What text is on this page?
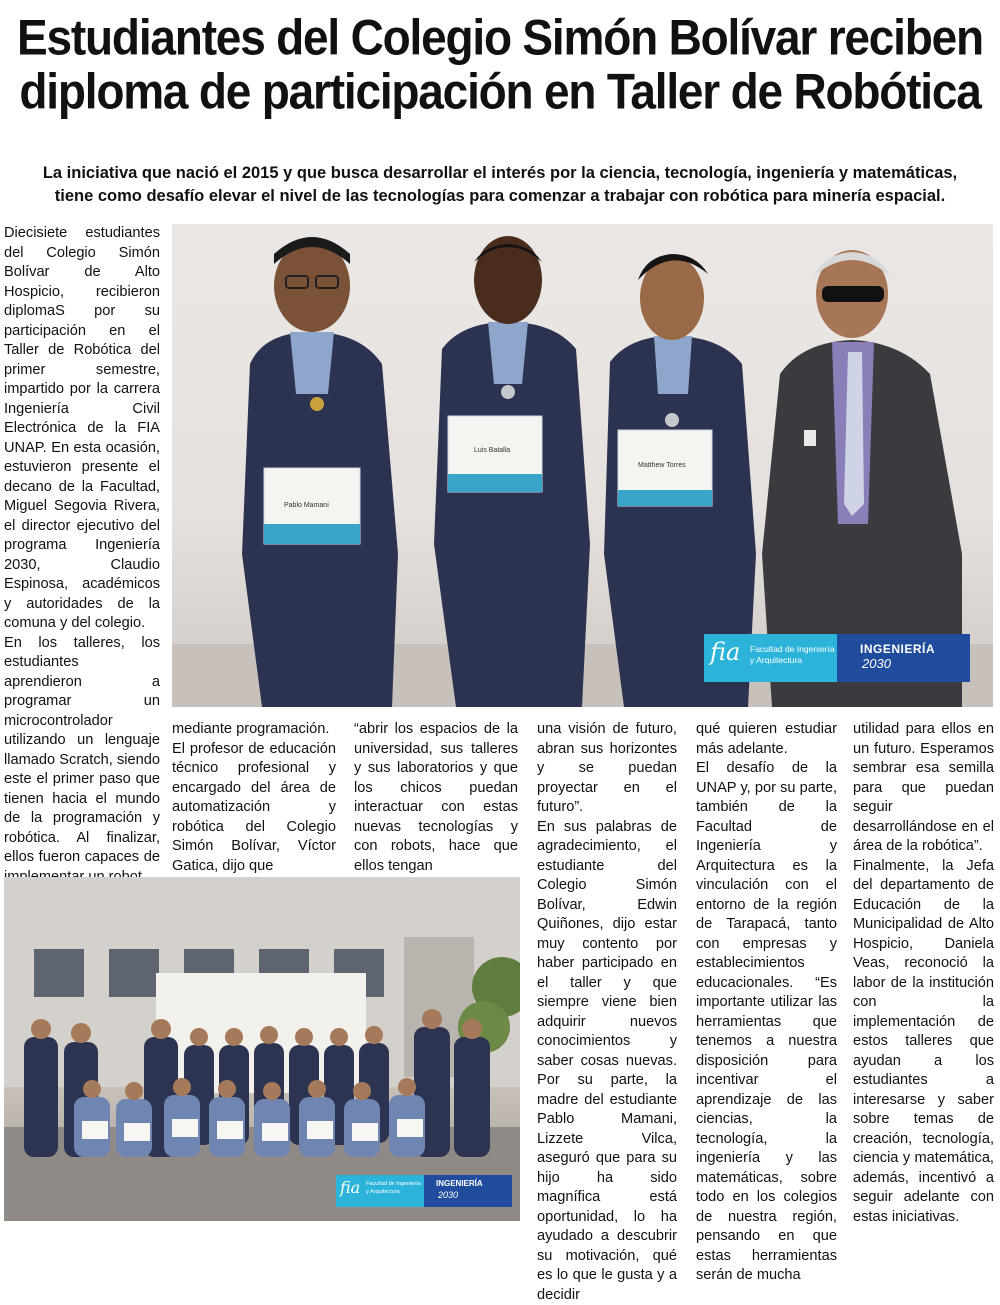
Estudiantes del Colegio Simón Bolívar reciben
diploma de participación en Taller de Robótica

La iniciativa que nació el 2015 y que busca desarrollar el interés por la ciencia, tecnología, ingeniería y matemáticas,
tiene como desafío elevar el nivel de las tecnologías para comenzar a trabajar con robótica para minería espacial.

Diecisiete estudiantes del Colegio Simón Bolívar de Alto Hospicio, recibieron diplomaS por su participación en el Taller de Robótica del primer semestre, impartido por la carrera Ingeniería Civil Electrónica de la FIA UNAP. En esta ocasión, estuvieron presente el decano de la Facultad, Miguel Segovia Rivera, el director ejecutivo del programa Ingeniería 2030, Claudio Espinosa, académicos y autoridades de la comuna y del colegio.

En los talleres, los estudiantes aprendieron a programar un microcontrolador utilizando un lenguaje llamado Scratch, siendo este el primer paso que tienen hacia el mundo de la programación y robótica. Al finalizar, ellos fueron capaces de

Pablo Mamani
Luis Batalla
Matthew Torres
fia Facultad de Ingeniería
y Arquitectura
INGENIERÍA
2030

mediante programación.

El profesor de educación técnico profesional y encargado del área de automatización y robótica del Colegio Simón Bolívar, Víctor Gatica, dijo que

“abrir los espacios de la universidad, sus talleres y sus laboratorios y que los chicos puedan interactuar con estas nuevas tecnologías y con robots, hace que ellos tengan

una visión de futuro, abran sus horizontes y se puedan proyectar en el futuro”.

En sus palabras de agradecimiento, el estudiante del Colegio Simón Bolívar, Edwin Quiñones, dijo estar muy contento por haber participado en el taller y que siempre viene bien adquirir nuevos conocimientos y saber cosas nuevas. Por su parte, la madre del estudiante Pablo Mamani, Lizzete Vilca, aseguró que para su hijo ha sido magnífica está oportunidad, lo ha ayudado a descubrir su motivación, qué es lo que le gusta y a decidir

qué quieren estudiar más adelante.

El desafío de la UNAP y, por su parte, también de la Facultad de Ingeniería y Arquitectura es la vinculación con el entorno de la región de Tarapacá, tanto con empresas y establecimientos educacionales. “Es importante utilizar las herramientas que tenemos a nuestra disposición para incentivar el aprendizaje de las ciencias, la tecnología, la ingeniería y las matemáticas, sobre todo en los colegios de nuestra región, pensando en que estas herramientas serán de mucha

utilidad para ellos en un futuro. Esperamos sembrar esa semilla para que puedan seguir desarrollándose en el área de la robótica”.

Finalmente, la Jefa del departamento de Educación de la Municipalidad de Alto Hospicio, Daniela Veas, reconoció la labor de la institución con la implementación de estos talleres que ayudan a los estudiantes a interesarse y saber sobre temas de creación, tecnología, ciencia y matemática, además, incentivó a seguir adelante con estas iniciativas.

fia Facultad de Ingeniería
y Arquitectura
INGENIERÍA
2030
